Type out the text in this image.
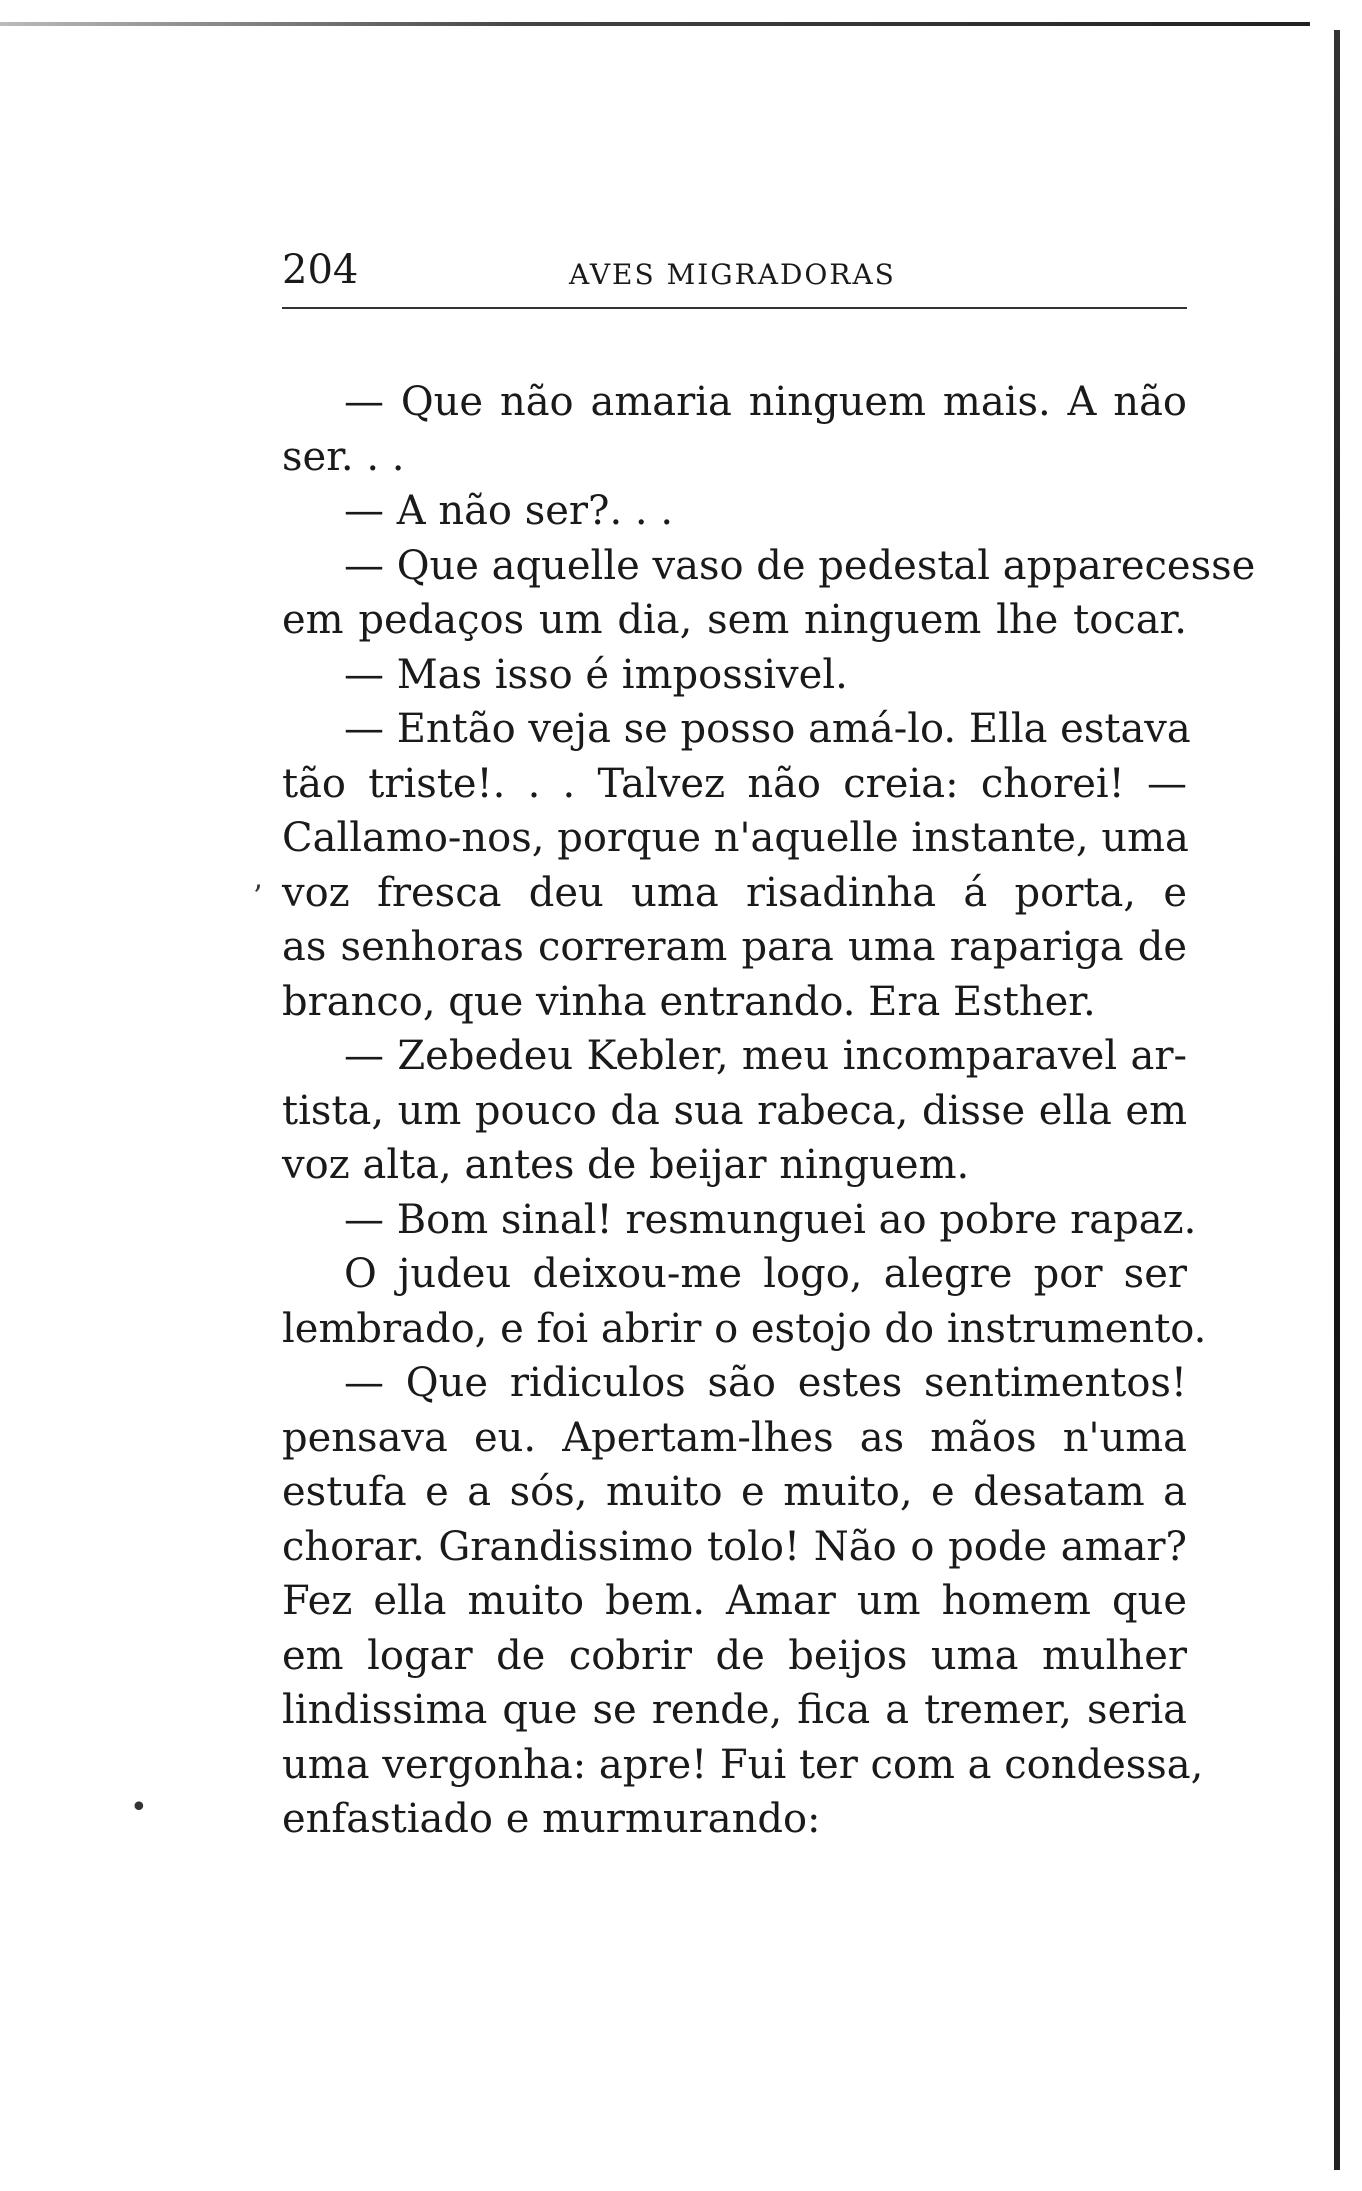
204	AVES MIGRADORAS
— Que não amaria ninguem mais. A não
ser. . .
— A não ser?. . .
— Que aquelle vaso de pedestal apparecesse
em pedaços um dia, sem ninguem lhe tocar.
— Mas isso é impossivel.
— Então veja se posso amá-lo. Ella estava
tão triste!. . . Talvez não creia: chorei! —
Callamo-nos, porque n'aquelle instante, uma
voz fresca deu uma risadinha á porta, e
as senhoras correram para uma rapariga de
branco, que vinha entrando. Era Esther.
— Zebedeu Kebler, meu incomparavel ar-
tista, um pouco da sua rabeca, disse ella em
voz alta, antes de beijar ninguem.
— Bom sinal! resmunguei ao pobre rapaz.
O judeu deixou-me logo, alegre por ser
lembrado, e foi abrir o estojo do instrumento.
— Que ridiculos são estes sentimentos!
pensava eu. Apertam-lhes as mãos n'uma
estufa e a sós, muito e muito, e desatam a
chorar. Grandissimo tolo! Não o pode amar?
Fez ella muito bem. Amar um homem que
em logar de cobrir de beijos uma mulher
lindissima que se rende, fica a tremer, seria
uma vergonha: apre! Fui ter com a condessa,
enfastiado e murmurando:
ʼ
•
